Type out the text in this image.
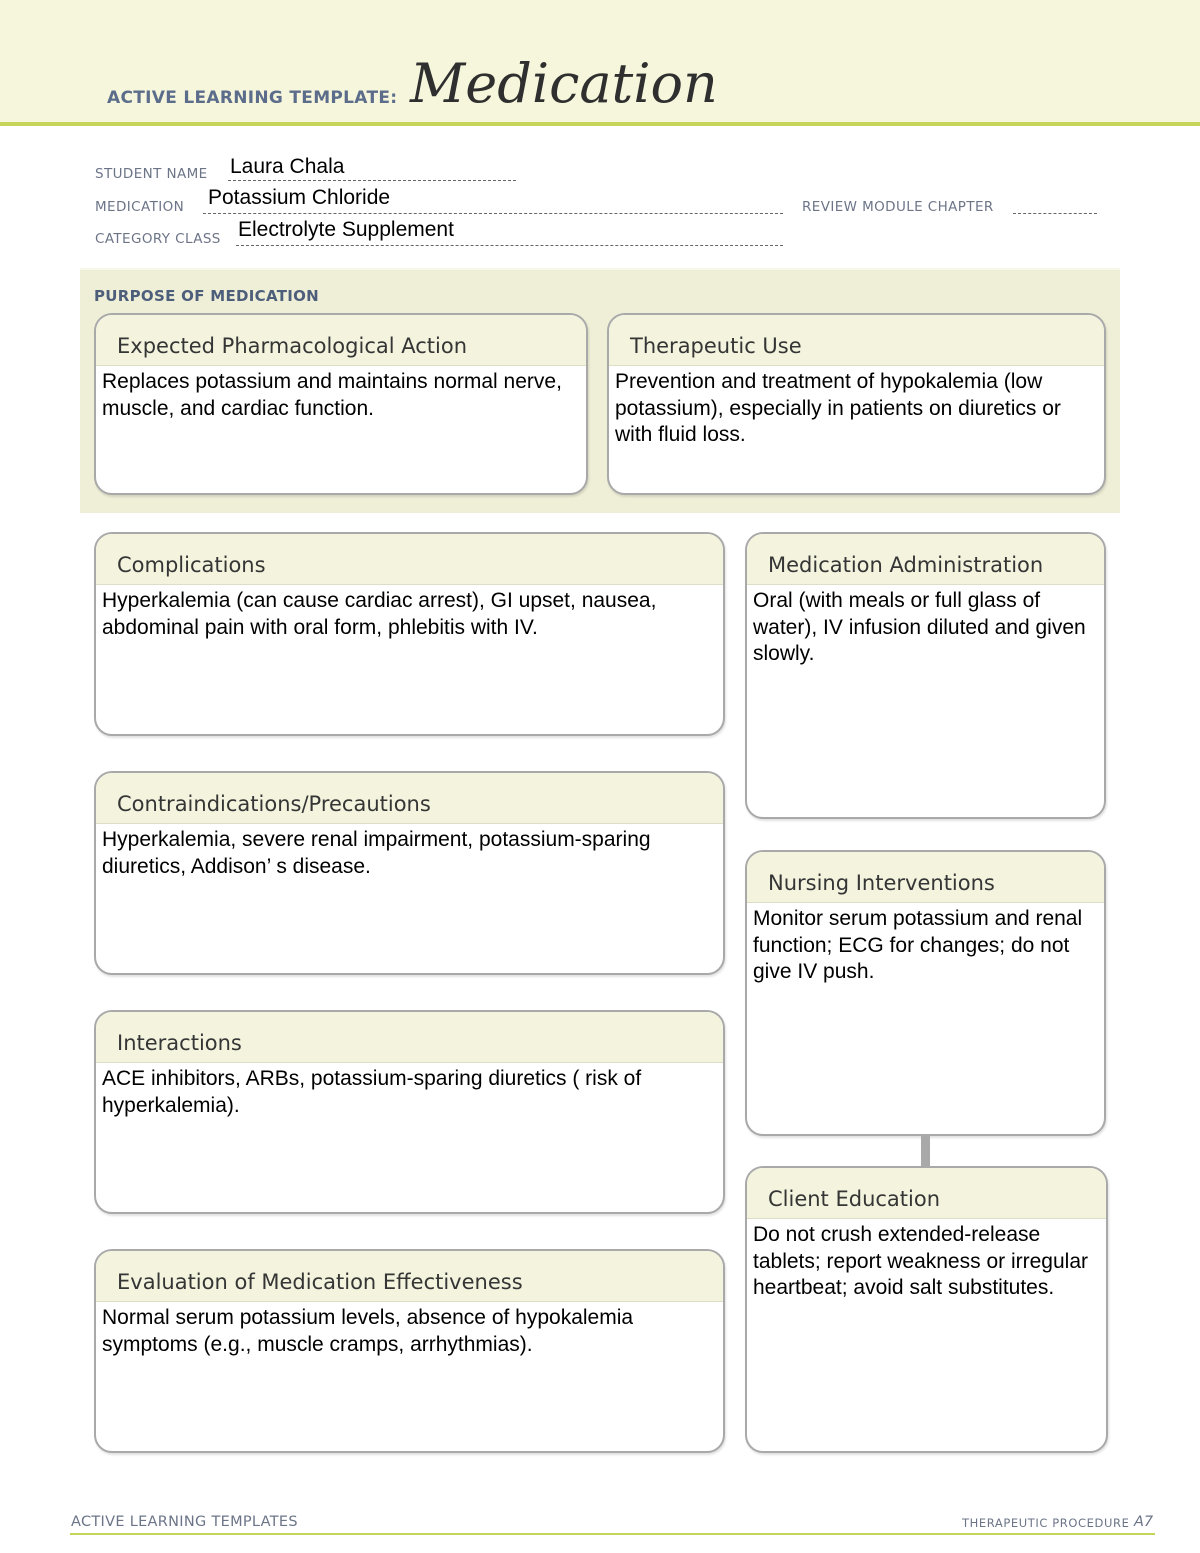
ACTIVE LEARNING TEMPLATE: Medication
STUDENT NAME Laura Chala
MEDICATION Potassium Chloride	REVIEW MODULE CHAPTER
CATEGORY CLASS Electrolyte Supplement
PURPOSE OF MEDICATION
Expected Pharmacological Action
Replaces potassium and maintains normal nerve, muscle, and cardiac function.
Therapeutic Use
Prevention and treatment of hypokalemia (low potassium), especially in patients on diuretics or with fluid loss.
Complications
Hyperkalemia (can cause cardiac arrest), GI upset, nausea, abdominal pain with oral form, phlebitis with IV.
Contraindications/Precautions
Hyperkalemia, severe renal impairment, potassium-sparing diuretics, Addison’ s disease.
Interactions
ACE inhibitors, ARBs, potassium-sparing diuretics ( risk of hyperkalemia).
Evaluation of Medication Effectiveness
Normal serum potassium levels, absence of hypokalemia symptoms (e.g., muscle cramps, arrhythmias).
Medication Administration
Oral (with meals or full glass of water), IV infusion diluted and given slowly.
Nursing Interventions
Monitor serum potassium and renal function; ECG for changes; do not give IV push.
Client Education
Do not crush extended-release tablets; report weakness or irregular heartbeat; avoid salt substitutes.
ACTIVE LEARNING TEMPLATES	THERAPEUTIC PROCEDURE A7
